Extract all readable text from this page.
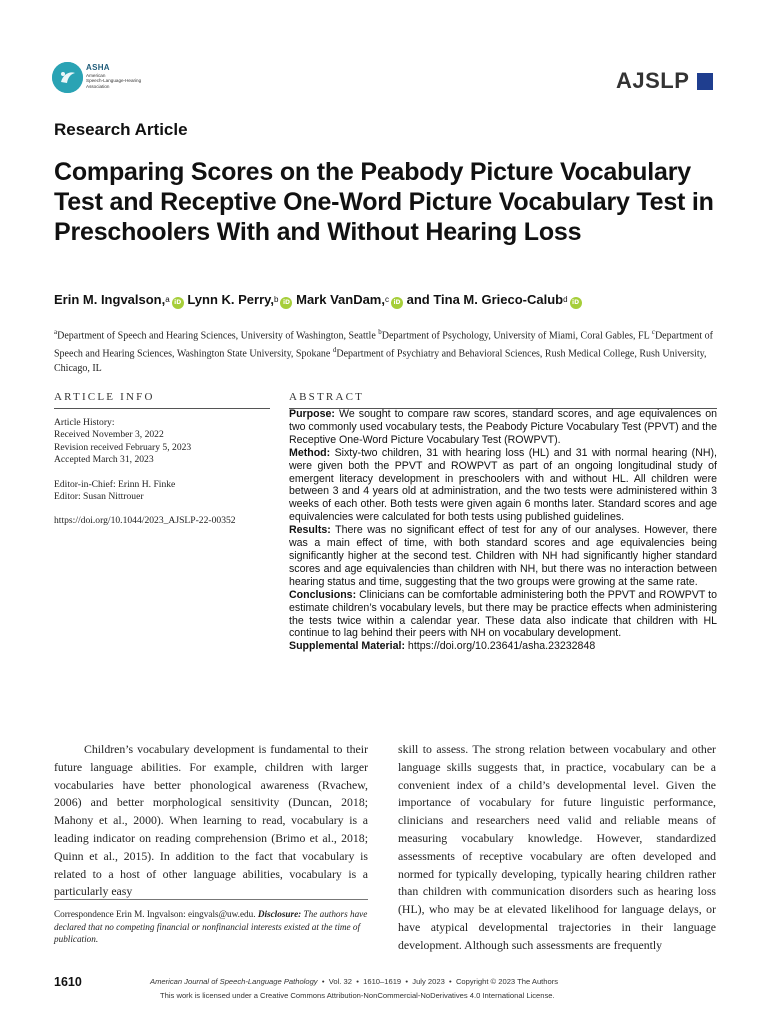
ASHA
American
Speech-Language-Hearing
Association	AJSLP
Research Article
Comparing Scores on the Peabody Picture Vocabulary Test and Receptive One-Word Picture Vocabulary Test in Preschoolers With and Without Hearing Loss
Erin M. Ingvalson,$^a$ iD Lynn K. Perry,$^b$ iD Mark VanDam,$^c$ iD and Tina M. Grieco-Calub$^d$ iD
$^a$Department of Speech and Hearing Sciences, University of Washington, Seattle $^b$Department of Psychology, University of Miami, Coral Gables, FL $^c$Department of Speech and Hearing Sciences, Washington State University, Spokane $^d$Department of Psychiatry and Behavioral Sciences, Rush Medical College, Rush University, Chicago, IL
ARTICLE INFO	ABSTRACT
Article History:
Received November 3, 2022
Revision received February 5, 2023
Accepted March 31, 2023
Editor-in-Chief: Erinn H. Finke
Editor: Susan Nittrouer
https://doi.org/10.1044/2023_AJSLP-22-00352

Purpose: We sought to compare raw scores, standard scores, and age equivalences on two commonly used vocabulary tests, the Peabody Picture Vocabulary Test (PPVT) and the Receptive One-Word Picture Vocabulary Test (ROWPVT).

Method: Sixty-two children, 31 with hearing loss (HL) and 31 with normal hearing (NH), were given both the PPVT and ROWPVT as part of an ongoing longitudinal study of emergent literacy development in preschoolers with and without HL. All children were between 3 and 4 years old at administration, and the two tests were administered within 3 weeks of each other. Both tests were given again 6 months later. Standard scores and age equivalencies were calculated for both tests using published guidelines.

Results: There was no significant effect of test for any of our analyses. However, there was a main effect of time, with both standard scores and age equivalencies being significantly higher at the second test. Children with NH had significantly higher standard scores and age equivalencies than children with NH, but there was no interaction between hearing status and time, suggesting that the two groups were growing at the same rate.

Conclusions: Clinicians can be comfortable administering both the PPVT and ROWPVT to estimate children’s vocabulary levels, but there may be practice effects when administering the tests twice within a calendar year. These data also indicate that children with HL continue to lag behind their peers with NH on vocabulary development.

Supplemental Material: https://doi.org/10.23641/asha.23232848

Children’s vocabulary development is fundamental to their future language abilities. For example, children with larger vocabularies have better phonological awareness (Rvachew, 2006) and better morphological sensitivity (Duncan, 2018; Mahony et al., 2000). When learning to read, vocabulary is a leading indicator on reading comprehension (Brimo et al., 2018; Quinn et al., 2015). In addition to the fact that vocabulary is related to a host of other language abilities, vocabulary is a particularly easy

skill to assess. The strong relation between vocabulary and other language skills suggests that, in practice, vocabulary can be a convenient index of a child’s developmental level. Given the importance of vocabulary for future linguistic performance, clinicians and researchers need valid and reliable means of measuring vocabulary knowledge. However, standardized assessments of receptive vocabulary are often developed and normed for typically developing, typically hearing children rather than children with communication disorders such as hearing loss (HL), who may be at elevated likelihood for language delays, or have atypical developmental trajectories in their language development. Although such assessments are frequently

Correspondence Erin M. Ingvalson: eingvals@uw.edu. Disclosure: The authors have declared that no competing financial or nonfinancial interests existed at the time of publication.
1610	American Journal of Speech-Language Pathology  •  Vol. 32  •  1610–1619  •  July 2023  •  Copyright © 2023 The Authors
This work is licensed under a Creative Commons Attribution-NonCommercial-NoDerivatives 4.0 International License.
